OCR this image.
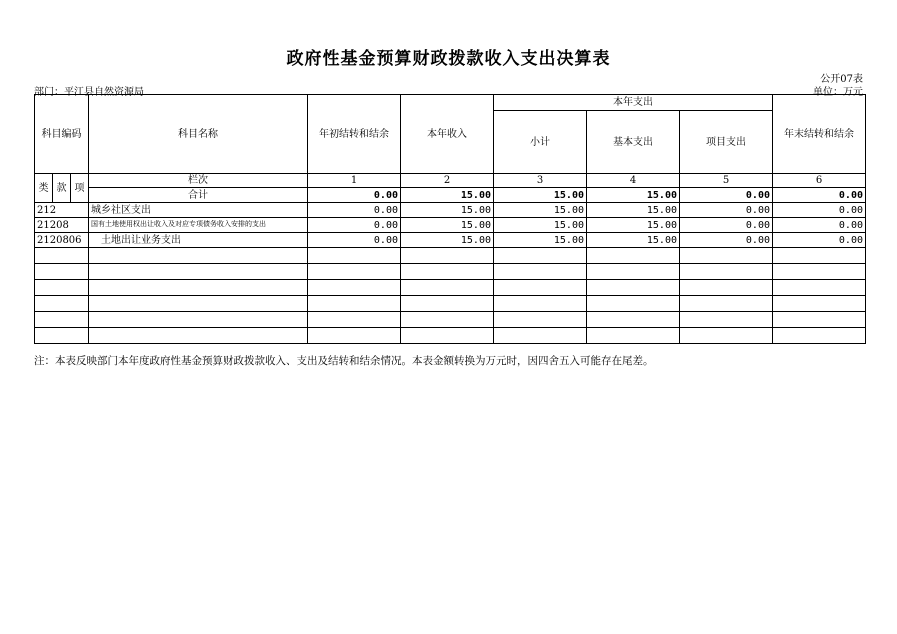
政府性基金预算财政拨款收入支出决算表
公开07表
部门：平江县自然资源局	单位：万元
科目编码			科目名称	年初结转和结余	本年收入	本年支出			年末结转和结余
						小计	基本支出	项目支出	

类	款	项	栏次	1	2	3	4	5	6
			合计	0.00	15.00	15.00	15.00	0.00	0.00
212			城乡社区支出	0.00	15.00	15.00	15.00	0.00	0.00
21208			国有土地使用权出让收入及对应专项债务收入安排的支出	0.00	15.00	15.00	15.00	0.00	0.00
2120806			土地出让业务支出	0.00	15.00	15.00	15.00	0.00	0.00

注：本表反映部门本年度政府性基金预算财政拨款收入、支出及结转和结余情况。本表金额转换为万元时，因四舍五入可能存在尾差。
